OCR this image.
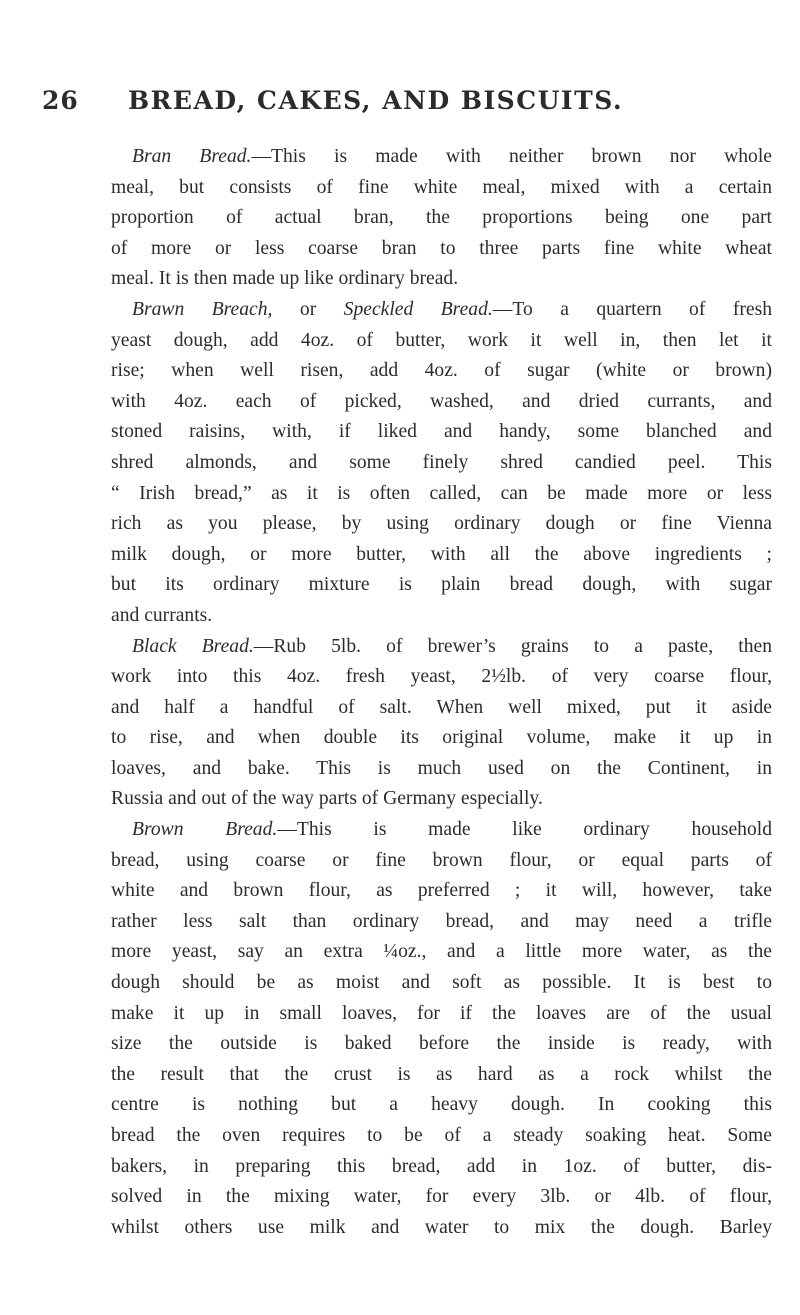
26 BREAD, CAKES, AND BISCUITS.
Bran Bread.—This is made with neither brown nor whole
meal, but consists of fine white meal, mixed with a certain
proportion of actual bran, the proportions being one part
of more or less coarse bran to three parts fine white wheat
meal. It is then made up like ordinary bread.
Brawn Breach, or Speckled Bread.—To a quartern of fresh
yeast dough, add 4oz. of butter, work it well in, then let it
rise; when well risen, add 4oz. of sugar (white or brown)
with 4oz. each of picked, washed, and dried currants, and
stoned raisins, with, if liked and handy, some blanched and
shred almonds, and some finely shred candied peel. This
“ Irish bread,” as it is often called, can be made more or less
rich as you please, by using ordinary dough or fine Vienna
milk dough, or more butter, with all the above ingredients ;
but its ordinary mixture is plain bread dough, with sugar
and currants.
Black Bread.—Rub 5lb. of brewer’s grains to a paste, then
work into this 4oz. fresh yeast, 2½lb. of very coarse flour,
and half a handful of salt. When well mixed, put it aside
to rise, and when double its original volume, make it up in
loaves, and bake. This is much used on the Continent, in
Russia and out of the way parts of Germany especially.
Brown Bread.—This is made like ordinary household
bread, using coarse or fine brown flour, or equal parts of
white and brown flour, as preferred ; it will, however, take
rather less salt than ordinary bread, and may need a trifle
more yeast, say an extra ¼oz., and a little more water, as the
dough should be as moist and soft as possible. It is best to
make it up in small loaves, for if the loaves are of the usual
size the outside is baked before the inside is ready, with
the result that the crust is as hard as a rock whilst the
centre is nothing but a heavy dough. In cooking this
bread the oven requires to be of a steady soaking heat. Some
bakers, in preparing this bread, add in 1oz. of butter, dis-
solved in the mixing water, for every 3lb. or 4lb. of flour,
whilst others use milk and water to mix the dough. Barley
